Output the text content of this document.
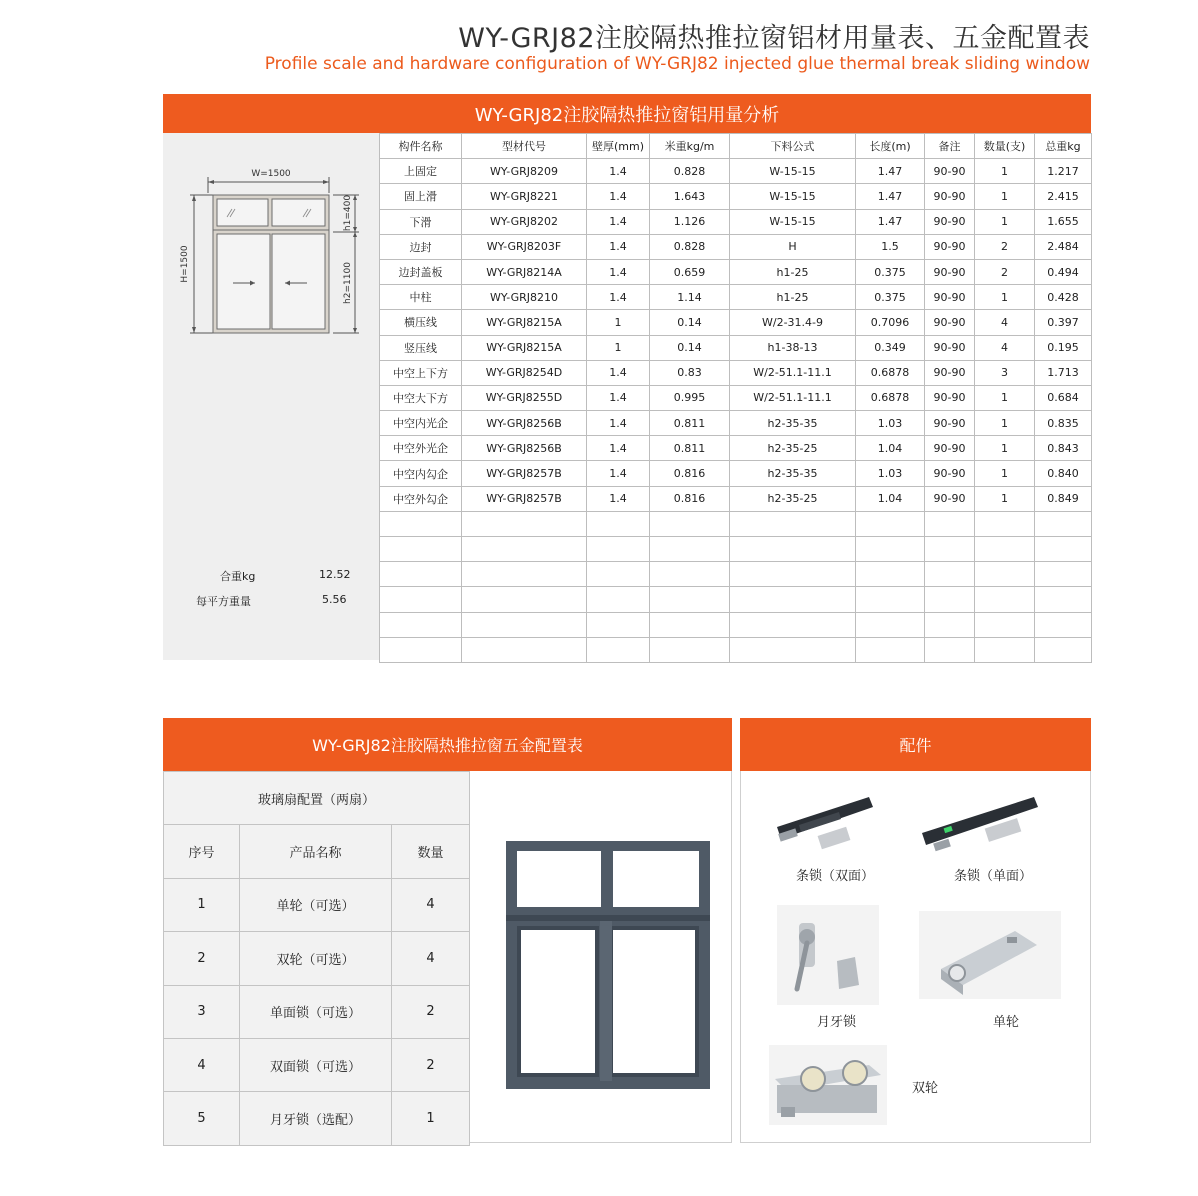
WY-GRJ82注胶隔热推拉窗铝材用量表、五金配置表
Profile scale and hardware configuration of WY-GRJ82 injected glue thermal break sliding window
WY-GRJ82注胶隔热推拉窗铝用量分析
W=1500
H=1500
h1=400
h2=1100
合重kg	12.52
每平方重量	5.56
构件名称	型材代号	壁厚(mm)	米重kg/m	下料公式	长度(m)	备注	数量(支)	总重kg
上固定	WY-GRJ8209	1.4	0.828	W-15-15	1.47	90-90	1	1.217
固上滑	WY-GRJ8221	1.4	1.643	W-15-15	1.47	90-90	1	2.415
下滑	WY-GRJ8202	1.4	1.126	W-15-15	1.47	90-90	1	1.655
边封	WY-GRJ8203F	1.4	0.828	H	1.5	90-90	2	2.484
边封盖板	WY-GRJ8214A	1.4	0.659	h1-25	0.375	90-90	2	0.494
中柱	WY-GRJ8210	1.4	1.14	h1-25	0.375	90-90	1	0.428
横压线	WY-GRJ8215A	1	0.14	W/2-31.4-9	0.7096	90-90	4	0.397
竖压线	WY-GRJ8215A	1	0.14	h1-38-13	0.349	90-90	4	0.195
中空上下方	WY-GRJ8254D	1.4	0.83	W/2-51.1-11.1	0.6878	90-90	3	1.713
中空大下方	WY-GRJ8255D	1.4	0.995	W/2-51.1-11.1	0.6878	90-90	1	0.684
中空内光企	WY-GRJ8256B	1.4	0.811	h2-35-35	1.03	90-90	1	0.835
中空外光企	WY-GRJ8256B	1.4	0.811	h2-35-25	1.04	90-90	1	0.843
中空内勾企	WY-GRJ8257B	1.4	0.816	h2-35-35	1.03	90-90	1	0.840
中空外勾企	WY-GRJ8257B	1.4	0.816	h2-35-25	1.04	90-90	1	0.849

WY-GRJ82注胶隔热推拉窗五金配置表
玻璃扇配置（两扇）		
序号	产品名称	数量
1	单轮（可选）	4
2	双轮（可选）	4
3	单面锁（可选）	2
4	双面锁（可选）	2
5	月牙锁（选配）	1
配件
条锁（双面）	条锁（单面）
月牙锁	单轮
双轮
